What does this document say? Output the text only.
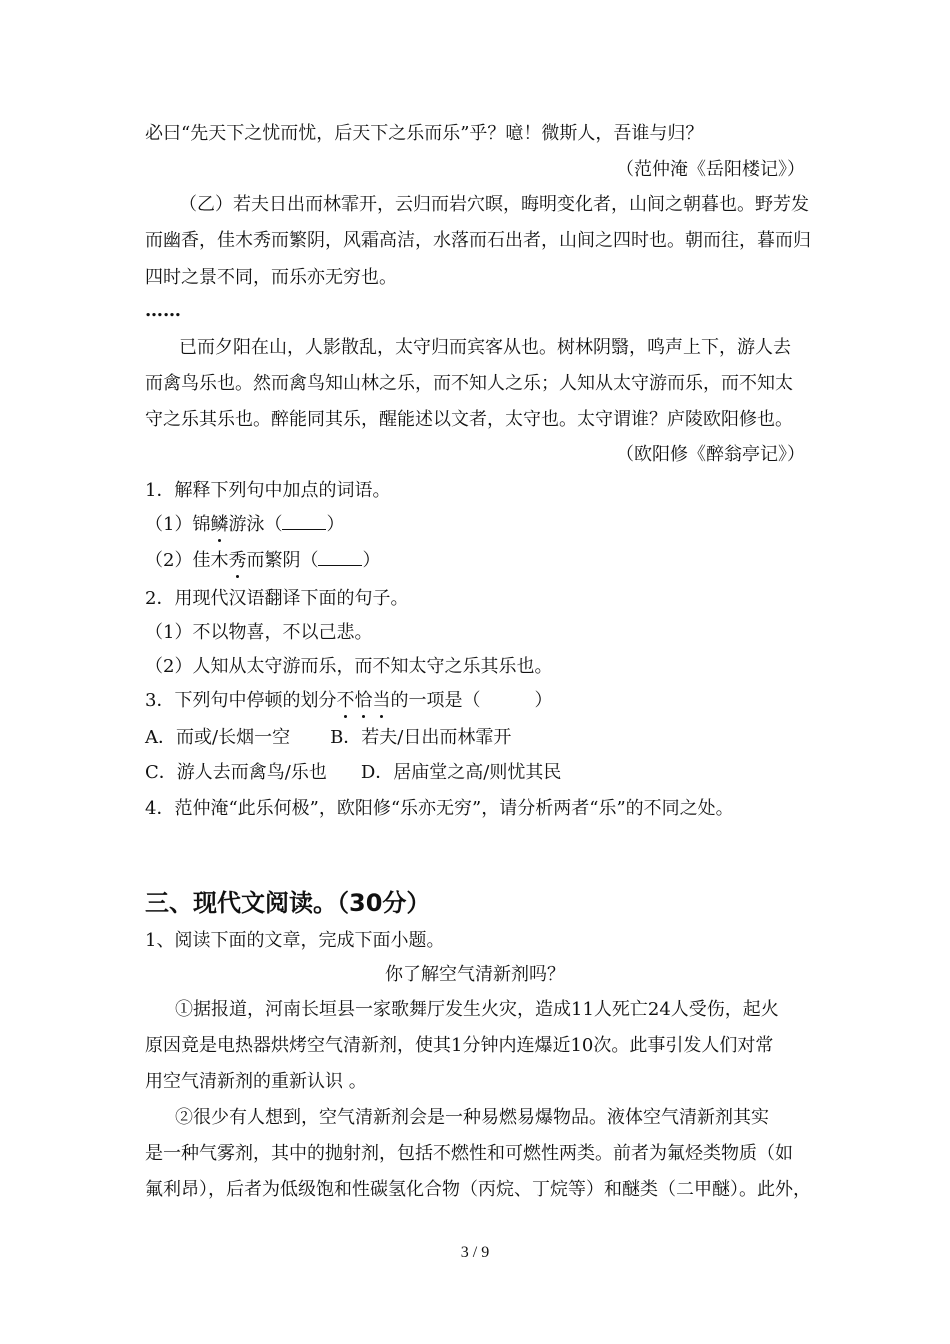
必曰“先天下之忧而忧，后天下之乐而乐”乎？噫！微斯人，吾谁与归？
（范仲淹《岳阳楼记》）
（乙）若夫日出而林霏开，云归而岩穴暝，晦明变化者，山间之朝暮也。野芳发
而幽香，佳木秀而繁阴，风霜高洁，水落而石出者，山间之四时也。朝而往，暮而归
四时之景不同，而乐亦无穷也。
……
已而夕阳在山，人影散乱，太守归而宾客从也。树林阴翳，鸣声上下，游人去
而禽鸟乐也。然而禽鸟知山林之乐，而不知人之乐；人知从太守游而乐，而不知太
守之乐其乐也。醉能同其乐，醒能述以文者，太守也。太守谓谁？庐陵欧阳修也。
（欧阳修《醉翁亭记》）
1．解释下列句中加点的词语。
（1）锦鳞游泳（ ）
（2）佳木秀而繁阴（ ）
2．用现代汉语翻译下面的句子。
（1）不以物喜，不以己悲。
（2）人知从太守游而乐，而不知太守之乐其乐也。
3．下列句中停顿的划分不恰当的一项是（　　　）
A．而或/长烟一空 B．若夫/日出而林霏开
C．游人去而禽鸟/乐也 D．居庙堂之高/则忧其民
4．范仲淹“此乐何极”，欧阳修“乐亦无穷”，请分析两者“乐”的不同之处。
三、现代文阅读。（30分）
1、阅读下面的文章，完成下面小题。
你了解空气清新剂吗？
①据报道，河南长垣县一家歌舞厅发生火灾，造成11人死亡24人受伤，起火
原因竟是电热器烘烤空气清新剂，使其1分钟内连爆近10次。此事引发人们对常
用空气清新剂的重新认识 。
②很少有人想到，空气清新剂会是一种易燃易爆物品。液体空气清新剂其实
是一种气雾剂，其中的抛射剂，包括不燃性和可燃性两类。前者为氟烃类物质（如
氟利昂），后者为低级饱和性碳氢化合物（丙烷、丁烷等）和醚类（二甲醚）。此外，
3 / 9
